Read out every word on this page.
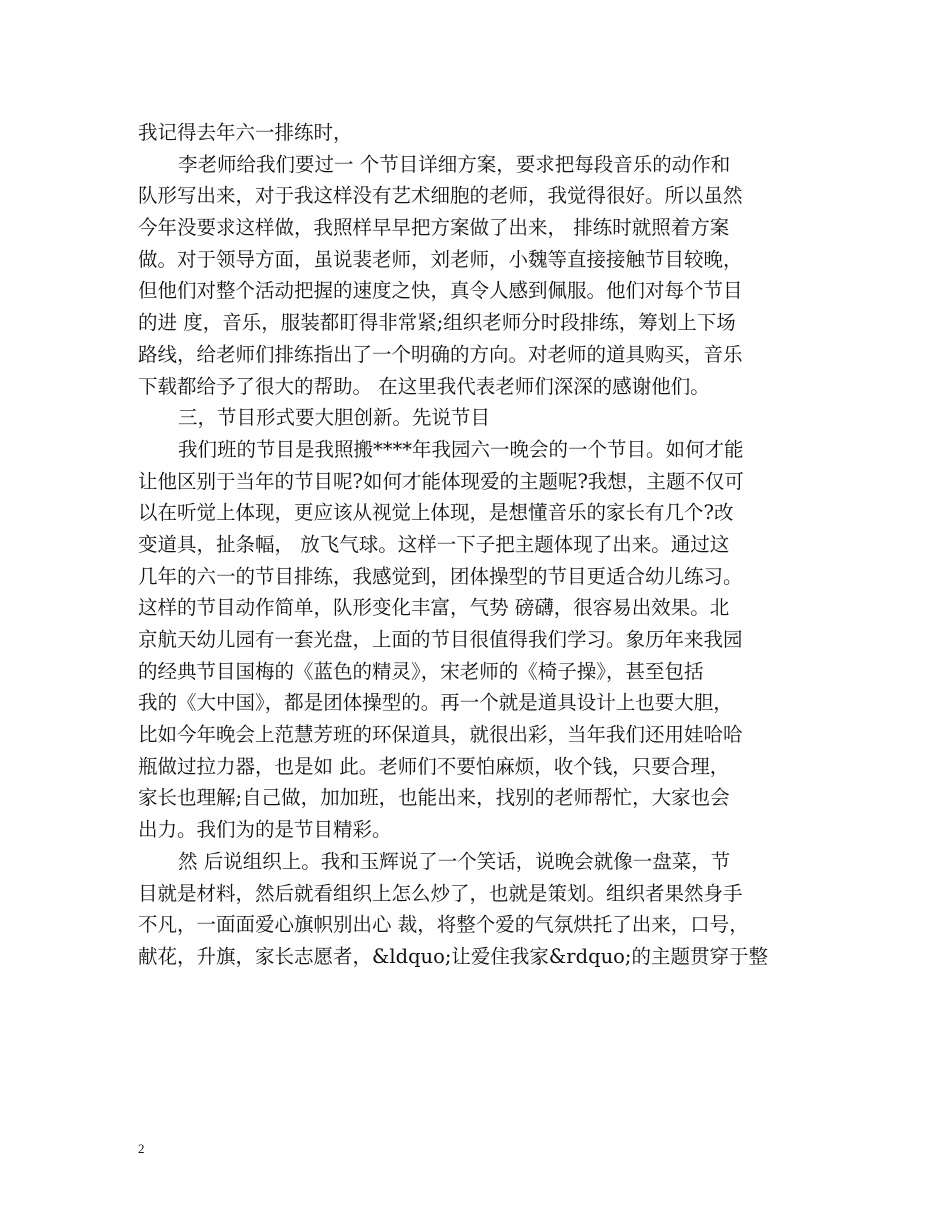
我记得去年六一排练时，
李老师给我们要过一 个节目详细方案，要求把每段音乐的动作和
队形写出来，对于我这样没有艺术细胞的老师，我觉得很好。所以虽然
今年没要求这样做，我照样早早把方案做了出来， 排练时就照着方案
做。对于领导方面，虽说裴老师，刘老师，小魏等直接接触节目较晚，
但他们对整个活动把握的速度之快，真令人感到佩服。他们对每个节目
的进 度，音乐，服装都盯得非常紧;组织老师分时段排练，筹划上下场
路线，给老师们排练指出了一个明确的方向。对老师的道具购买，音乐
下载都给予了很大的帮助。 在这里我代表老师们深深的感谢他们。
三，节目形式要大胆创新。先说节目
我们班的节目是我照搬****年我园六一晚会的一个节目。如何才能
让他区别于当年的节目呢?如何才能体现爱的主题呢?我想，主题不仅可
以在听觉上体现，更应该从视觉上体现，是想懂音乐的家长有几个?改
变道具，扯条幅， 放飞气球。这样一下子把主题体现了出来。通过这
几年的六一的节目排练，我感觉到，团体操型的节目更适合幼儿练习。
这样的节目动作简单，队形变化丰富，气势 磅礴，很容易出效果。北
京航天幼儿园有一套光盘，上面的节目很值得我们学习。象历年来我园
的经典节目国梅的《蓝色的精灵》，宋老师的《椅子操》，甚至包括
我的《大中国》，都是团体操型的。再一个就是道具设计上也要大胆，
比如今年晚会上范慧芳班的环保道具，就很出彩，当年我们还用娃哈哈
瓶做过拉力器，也是如 此。老师们不要怕麻烦，收个钱，只要合理，
家长也理解;自己做，加加班，也能出来，找别的老师帮忙，大家也会
出力。我们为的是节目精彩。
然 后说组织上。我和玉辉说了一个笑话，说晚会就像一盘菜，节
目就是材料，然后就看组织上怎么炒了，也就是策划。组织者果然身手
不凡，一面面爱心旗帜别出心 裁，将整个爱的气氛烘托了出来，口号，
献花，升旗，家长志愿者，&ldquo;让爱住我家&rdquo;的主题贯穿于整
2
